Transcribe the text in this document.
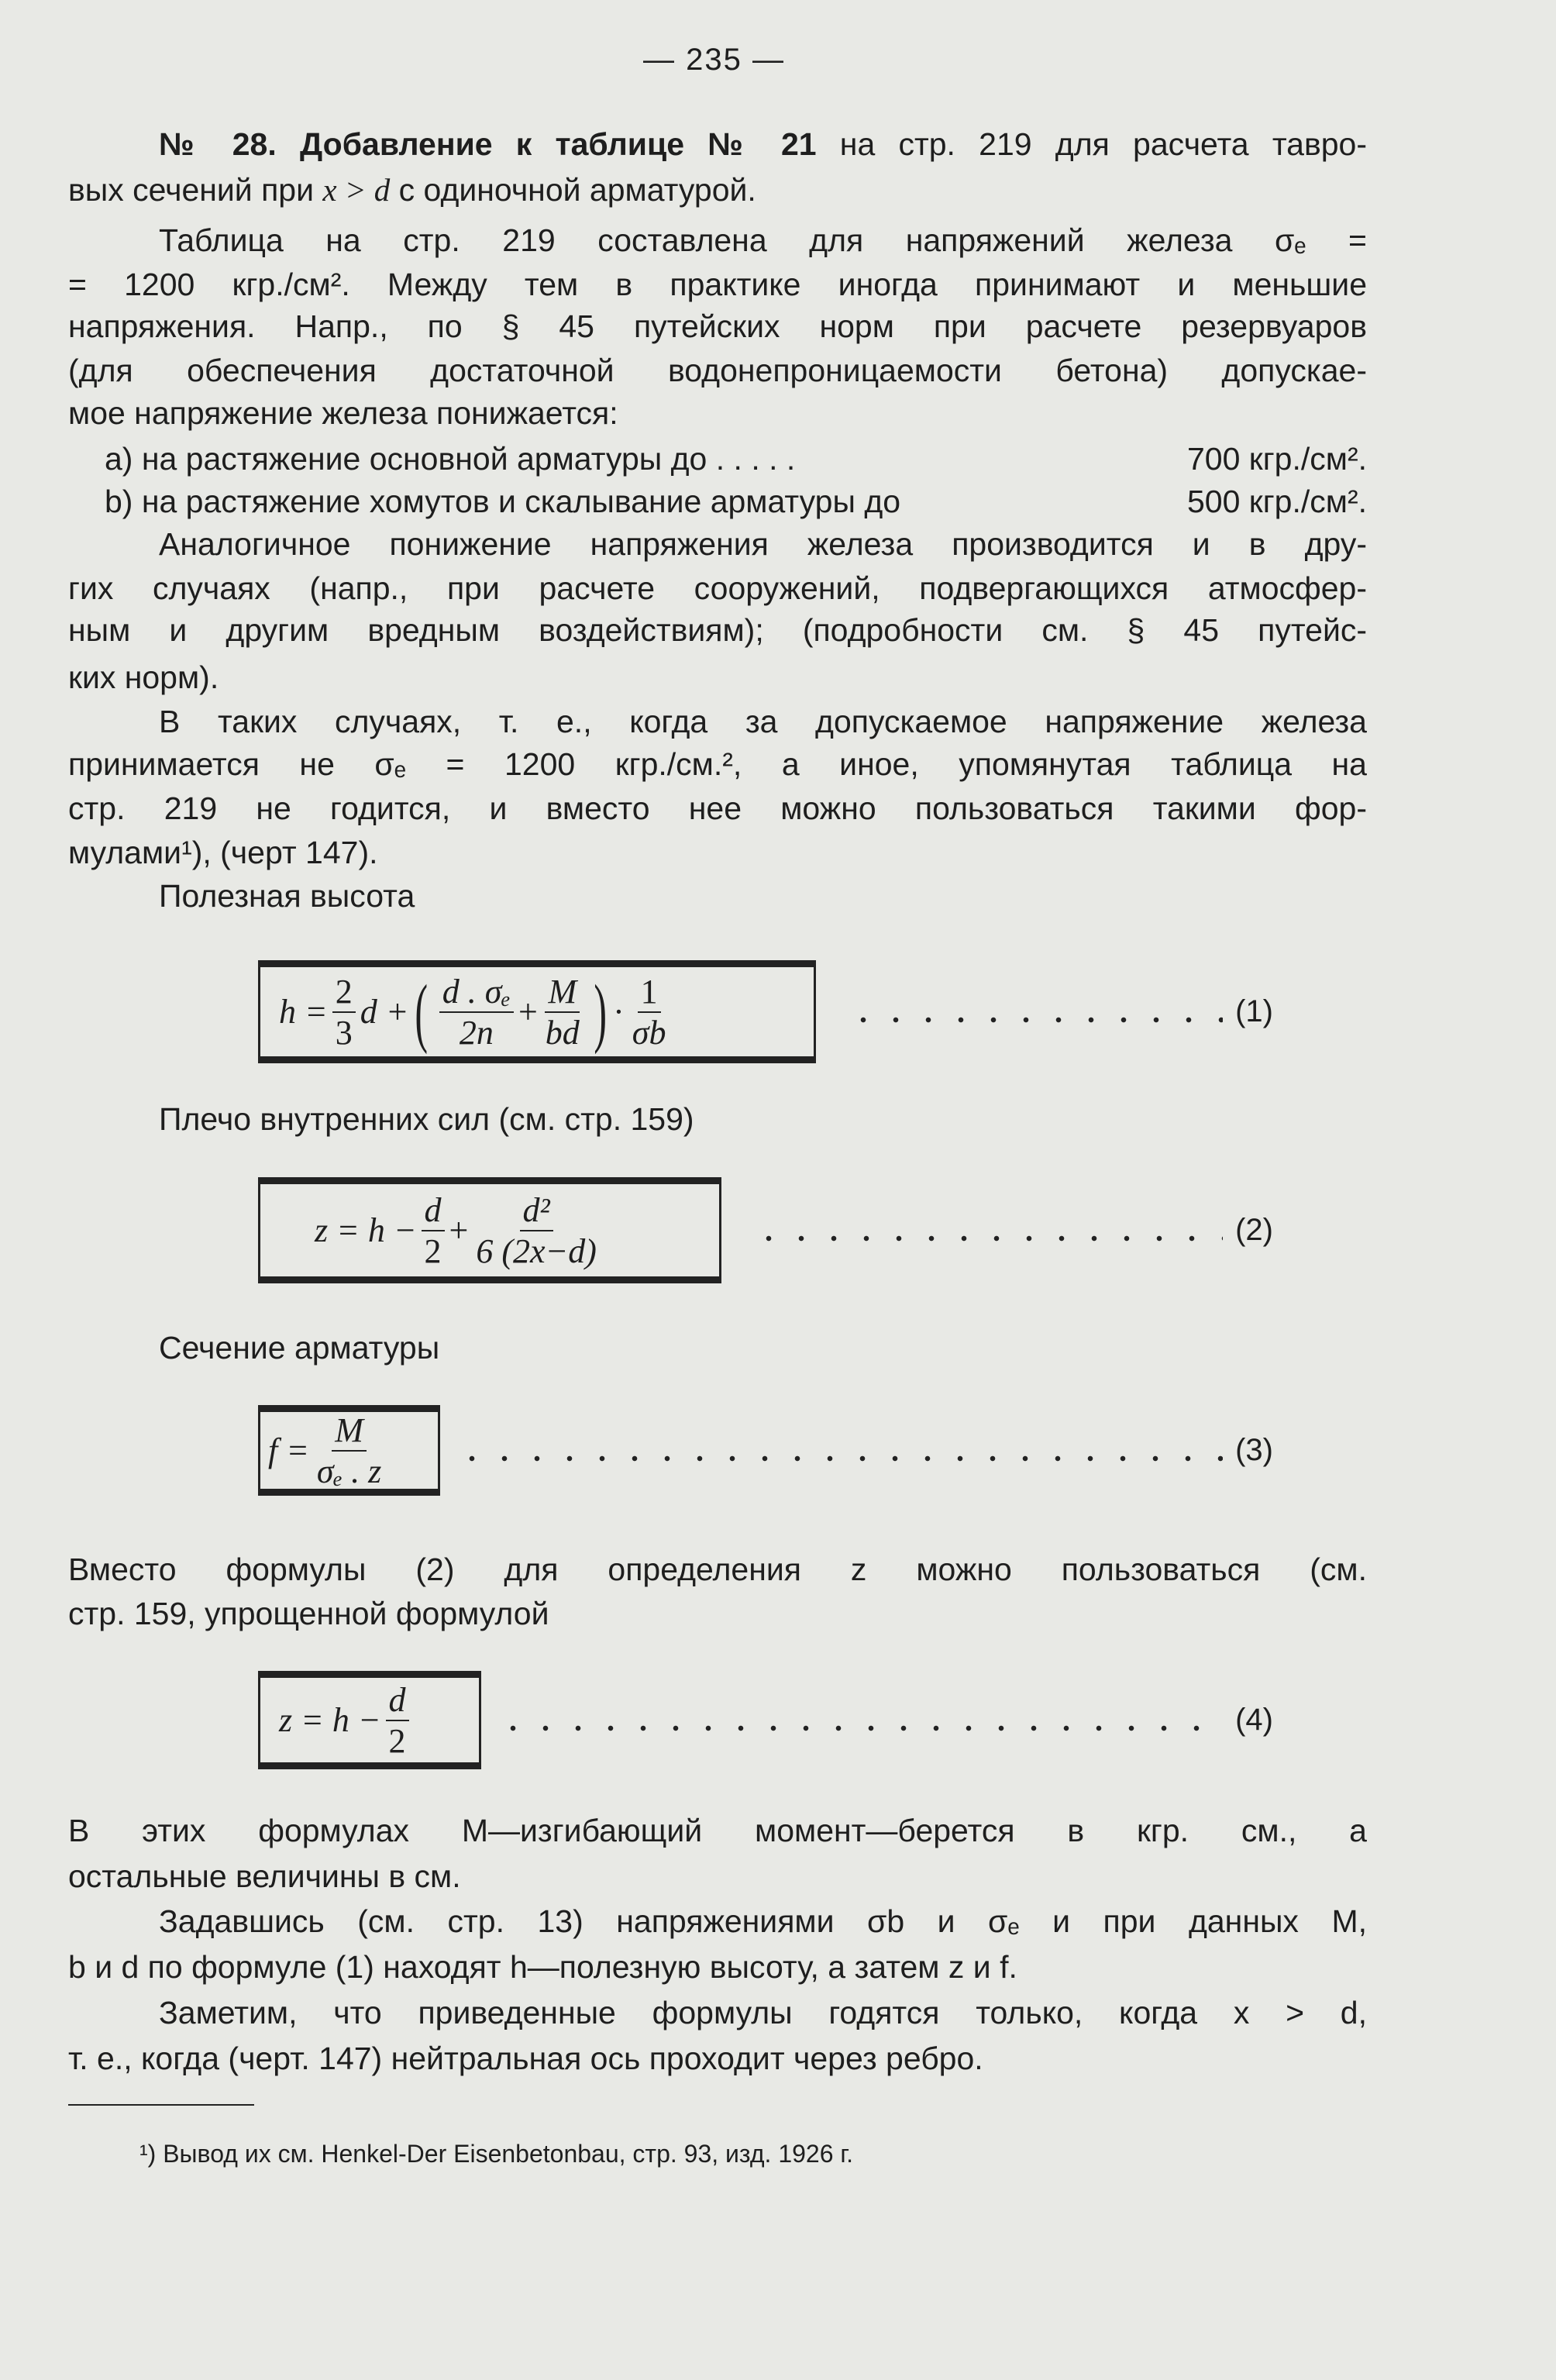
— 235 —
№ 28. Добавление к таблице № 21 на стр. 219 для расчета тавро-
вых сечений при x > d с одиночной арматурой.
Таблица на стр. 219 составлена для напряжений железа σₑ =
= 1200 кгр./см². Между тем в практике иногда принимают и меньшие
напряжения. Напр., по § 45 путейских норм при расчете резервуаров
(для обеспечения достаточной водонепроницаемости бетона) допускае-
мое напряжение железа понижается:
a) на растяжение основной арматуры до . . . . .	700 кгр./см².
b) на растяжение хомутов и скалывание арматуры до	500 кгр./см².
Аналогичное понижение напряжения железа производится и в дру-
гих случаях (напр., при расчете сооружений, подвергающихся атмосфер-
ным и другим вредным воздействиям); (подробности см. § 45 путейс-
ких норм).
В таких случаях, т. е., когда за допускаемое напряжение железа
принимается не σₑ = 1200 кгр./см.², а иное, упомянутая таблица на
стр. 219 не годится, и вместо нее можно пользоваться такими фор-
мулами¹), (черт 147).
Полезная высота
$h = \frac{2}{3}$ d + ( $\frac{\text{d . σₑ}}{2n} + \frac{M}{bd}$ ) · $\frac{1}{\sigma b}$	(1)
Плечо внутренних сил (см. стр. 159)
$z = h - \frac{d}{2} + \frac{\text{d²}}{6 (2x-d)}$	(2)
Сечение арматуры
$f = \frac{M}{\text{σₑ . z}}$	(3)
Вместо формулы (2) для определения z можно пользоваться (см.
стр. 159, упрощенной формулой
$z = h - \frac{d}{2}$	(4)
В этих формулах M—изгибающий момент—берется в кгр. см., а
остальные величины в см.
Задавшись (см. стр. 13) напряжениями σb и σₑ и при данных M,
b и d по формуле (1) находят h—полезную высоту, а затем z и f.
Заметим, что приведенные формулы годятся только, когда x > d,
т. е., когда (черт. 147) нейтральная ось проходит через ребро.
¹) Вывод их см. Henkel-Der Eisenbetonbau, стр. 93, изд. 1926 г.
